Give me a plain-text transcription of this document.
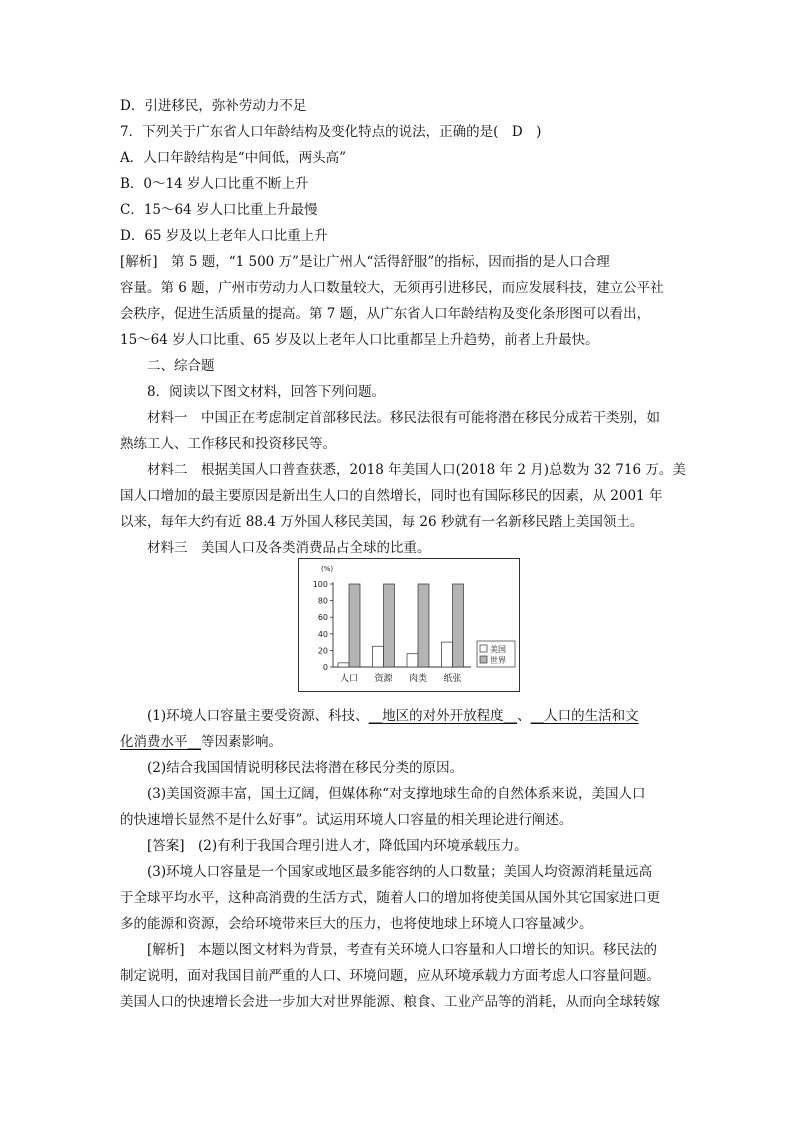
D．引进移民，弥补劳动力不足
7．下列关于广东省人口年龄结构及变化特点的说法，正确的是(　D　)
A．人口年龄结构是“中间低，两头高”
B．0～14 岁人口比重不断上升
C．15～64 岁人口比重上升最慢
D．65 岁及以上老年人口比重上升
[解析]　第 5 题，“1 500 万”是让广州人“活得舒服”的指标，因而指的是人口合理
容量。第 6 题，广州市劳动力人口数量较大，无须再引进移民，而应发展科技，建立公平社
会秩序，促进生活质量的提高。第 7 题，从广东省人口年龄结构及变化条形图可以看出，
15～64 岁人口比重、65 岁及以上老年人口比重都呈上升趋势，前者上升最快。
二、综合题
8．阅读以下图文材料，回答下列问题。
材料一　中国正在考虑制定首部移民法。移民法很有可能将潜在移民分成若干类别，如
熟练工人、工作移民和投资移民等。
材料二　根据美国人口普查获悉，2018 年美国人口(2018 年 2 月)总数为 32 716 万。美
国人口增加的最主要原因是新出生人口的自然增长，同时也有国际移民的因素，从 2001 年
以来，每年大约有近 88.4 万外国人移民美国，每 26 秒就有一名新移民踏上美国领土。
材料三　美国人口及各类消费品占全球的比重。
(%)
0
20
40
60
80
100
人口 资源 肉类 纸张
美国
世界
(1)环境人口容量主要受资源、科技、__地区的对外开放程度__、__人口的生活和文
化消费水平__等因素影响。
(2)结合我国国情说明移民法将潜在移民分类的原因。
(3)美国资源丰富，国土辽阔，但媒体称“对支撑地球生命的自然体系来说，美国人口
的快速增长显然不是什么好事”。试运用环境人口容量的相关理论进行阐述。
[答案]　(2)有利于我国合理引进人才，降低国内环境承载压力。
(3)环境人口容量是一个国家或地区最多能容纳的人口数量；美国人均资源消耗量远高
于全球平均水平，这种高消费的生活方式，随着人口的增加将使美国从国外其它国家进口更
多的能源和资源，会给环境带来巨大的压力，也将使地球上环境人口容量减少。
[解析]　本题以图文材料为背景，考查有关环境人口容量和人口增长的知识。移民法的
制定说明，面对我国目前严重的人口、环境问题，应从环境承载力方面考虑人口容量问题。
美国人口的快速增长会进一步加大对世界能源、粮食、工业产品等的消耗，从而向全球转嫁
